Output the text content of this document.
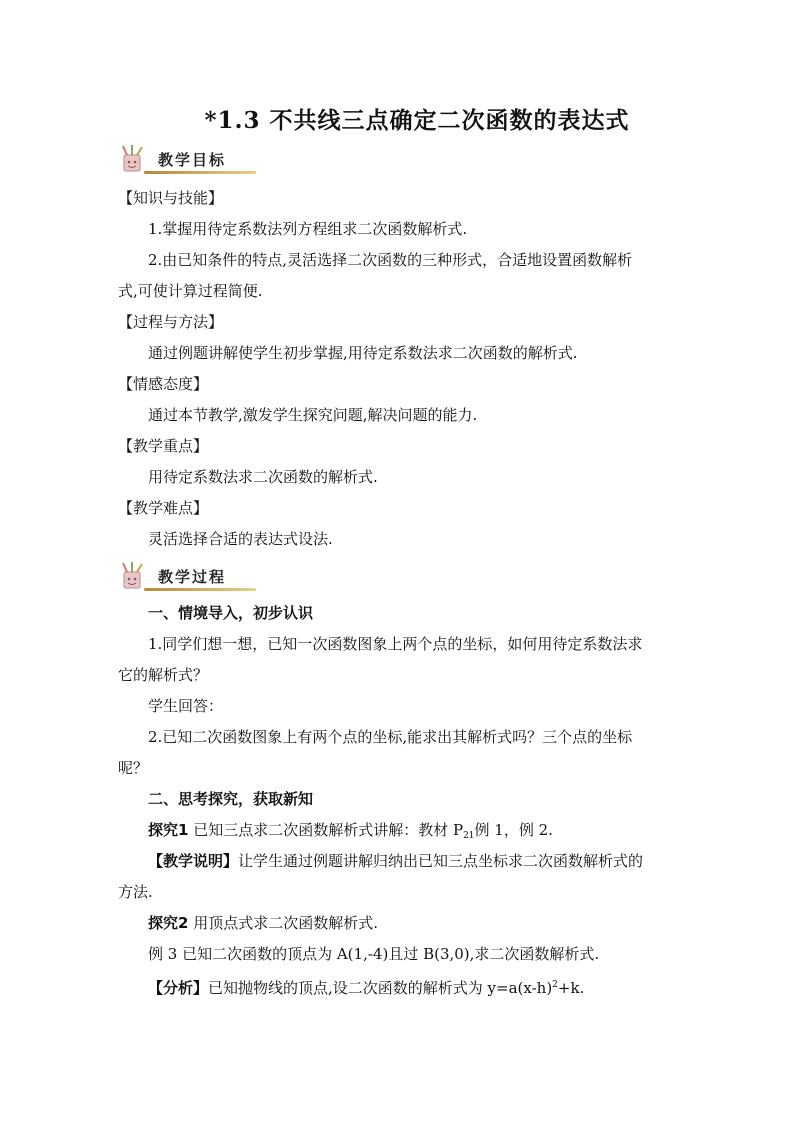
*1.3 不共线三点确定二次函数的表达式
教学目标
【知识与技能】
1.掌握用待定系数法列方程组求二次函数解析式.
2.由已知条件的特点,灵活选择二次函数的三种形式，合适地设置函数解析
式,可使计算过程简便.
【过程与方法】
通过例题讲解使学生初步掌握,用待定系数法求二次函数的解析式.
【情感态度】
通过本节教学,激发学生探究问题,解决问题的能力.
【教学重点】
用待定系数法求二次函数的解析式.
【教学难点】
灵活选择合适的表达式设法.
教学过程
一、情境导入，初步认识
1.同学们想一想，已知一次函数图象上两个点的坐标，如何用待定系数法求
它的解析式？
学生回答：
2.已知二次函数图象上有两个点的坐标,能求出其解析式吗？三个点的坐标
呢？
二、思考探究，获取新知
探究1 已知三点求二次函数解析式讲解：教材 $P_{21}$例 1，例 2.
【教学说明】让学生通过例题讲解归纳出已知三点坐标求二次函数解析式的
方法.
探究2 用顶点式求二次函数解析式.
例 3 已知二次函数的顶点为 A(1,-4)且过 B(3,0),求二次函数解析式.
【分析】已知抛物线的顶点,设二次函数的解析式为 $y=a(x-h)^2+k$.
